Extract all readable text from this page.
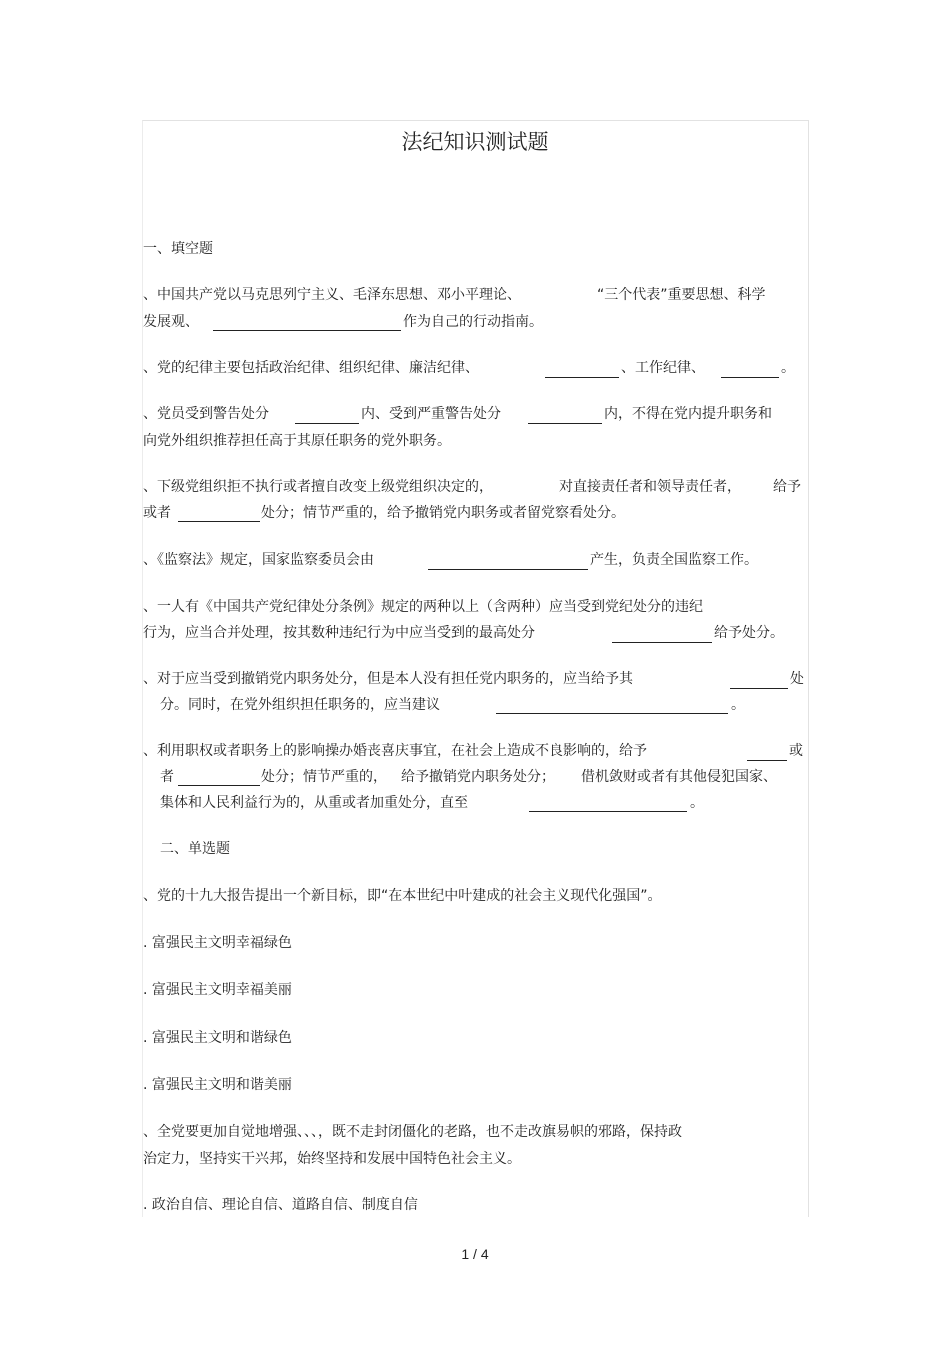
法纪知识测试题
一、填空题
、中国共产党以马克思列宁主义、毛泽东思想、邓小平理论、	“三个代表”重要思想、科学
发展观、	作为自己的行动指南。
、党的纪律主要包括政治纪律、组织纪律、廉洁纪律、	、工作纪律、	。
、党员受到警告处分	内、受到严重警告处分	内，不得在党内提升职务和
向党外组织推荐担任高于其原任职务的党外职务。
、下级党组织拒不执行或者擅自改变上级党组织决定的，	对直接责任者和领导责任者， 给予
或者	处分；情节严重的，给予撤销党内职务或者留党察看处分。
、《监察法》规定，国家监察委员会由	产生，负责全国监察工作。
、一人有《中国共产党纪律处分条例》规定的两种以上（含两种）应当受到党纪处分的违纪
行为，应当合并处理，按其数种违纪行为中应当受到的最高处分	给予处分。
、对于应当受到撤销党内职务处分，但是本人没有担任党内职务的，应当给予其	处
分。同时，在党外组织担任职务的，应当建议	。
、利用职权或者职务上的影响操办婚丧喜庆事宜，在社会上造成不良影响的，给予	或
者	处分；情节严重的， 给予撤销党内职务处分； 借机敛财或者有其他侵犯国家、
集体和人民利益行为的，从重或者加重处分，直至	。
二、单选题
、党的十九大报告提出一个新目标，即“在本世纪中叶建成的社会主义现代化强国”。
. 富强民主文明幸福绿色
. 富强民主文明幸福美丽
. 富强民主文明和谐绿色
. 富强民主文明和谐美丽
、全党要更加自觉地增强、、、，既不走封闭僵化的老路，也不走改旗易帜的邪路，保持政
治定力，坚持实干兴邦，始终坚持和发展中国特色社会主义。
. 政治自信、理论自信、道路自信、制度自信
1 / 4
